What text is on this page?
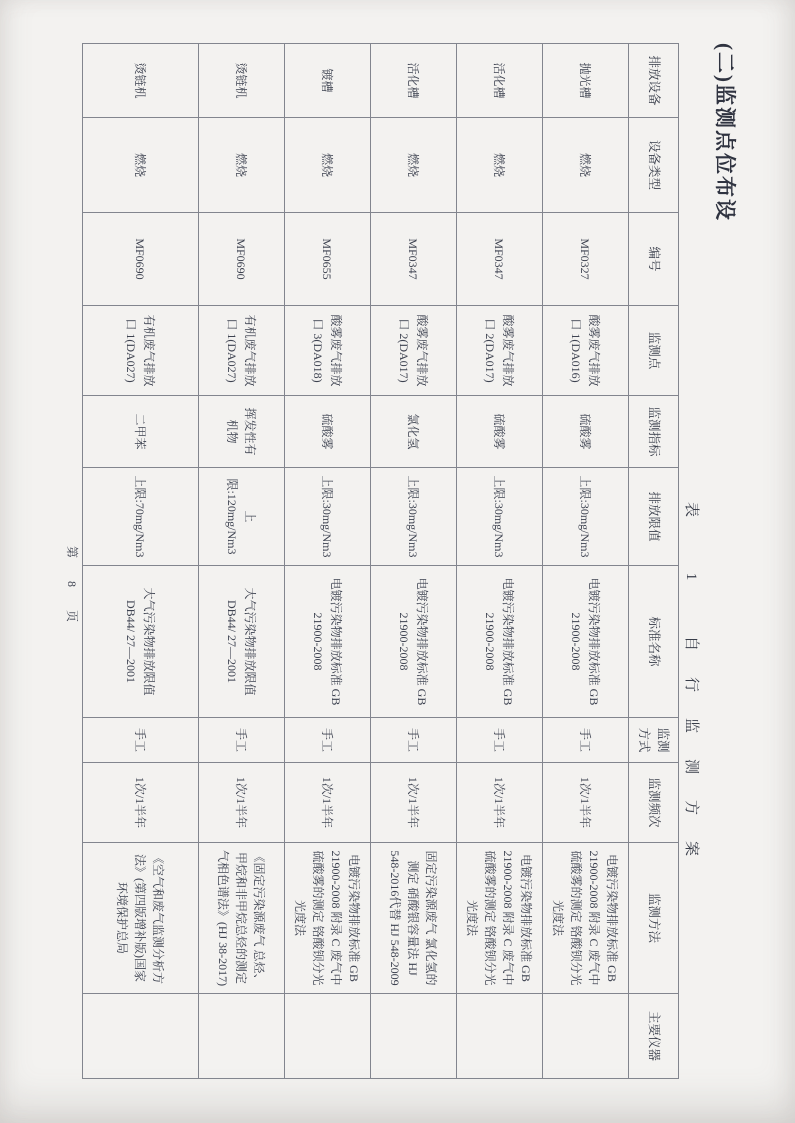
(二)监测点位布设
表 1 自行监测方案
排放设备	设备类型	编号	监测点	监测指标	排放限值	标准名称	监测方式	监测频次	监测方法	主要仪器
抛光槽	燃烧	MF0327	酸雾废气排放口 1(DA016)	硫酸雾	上限:30mg/Nm3	电镀污染物排放标准 GB 21900-2008	手工	1次/1半年	电镀污染物排放标准 GB 21900-2008 附录 C 废气中硫酸雾的测定 铬酸钡分光光度法	
活化槽	燃烧	MF0347	酸雾废气排放口 2(DA017)	硫酸雾	上限:30mg/Nm3	电镀污染物排放标准 GB 21900-2008	手工	1次/1半年	电镀污染物排放标准 GB 21900-2008 附录 C 废气中硫酸雾的测定 铬酸钡分光光度法	
活化槽	燃烧	MF0347	酸雾废气排放口 2(DA017)	氯化氢	上限:30mg/Nm3	电镀污染物排放标准 GB 21900-2008	手工	1次/1半年	固定污染源废气 氯化氢的测定 硝酸银容量法 HJ 548-2016代替 HJ 548-2009	
镀槽	燃烧	MF0655	酸雾废气排放口 3(DA018)	硫酸雾	上限:30mg/Nm3	电镀污染物排放标准 GB 21900-2008	手工	1次/1半年	电镀污染物排放标准 GB 21900-2008 附录 C 废气中硫酸雾的测定 铬酸钡分光光度法	
烫链机	燃烧	MF0690	有机废气排放口 1(DA027)	挥发性有机物	上限:120mg/Nm3	大气污染物排放限值 DB44/ 27—2001	手工	1次/1半年	《固定污染源废气 总烃、甲烷和非甲烷总烃的测定 气相色谱法》(HJ 38-2017)	
烫链机	燃烧	MF0690	有机废气排放口 1(DA027)	二甲苯	上限:70mg/Nm3	大气污染物排放限值 DB44/ 27—2001	手工	1次/1半年	《空气和废气监测分析方法》(第四版增补版)国家环境保护总局	
第 8 页
